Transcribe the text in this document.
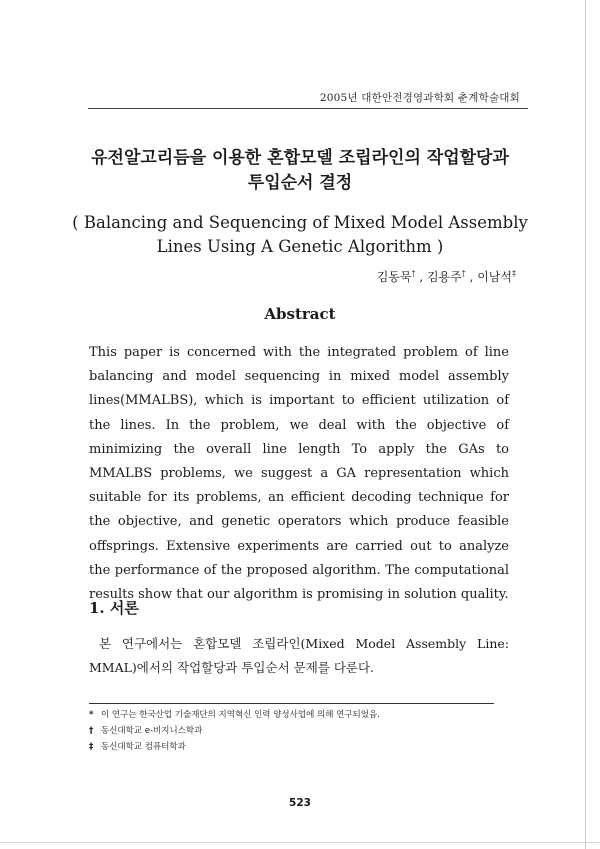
2005년 대한안전경영과학회 춘계학술대회
유전알고리듬을 이용한 혼합모델 조립라인의 작업할당과
투입순서 결정
( Balancing and Sequencing of Mixed Model Assembly
Lines Using A Genetic Algorithm )
김동묵† , 김용주† , 이남석‡
Abstract
This paper is concerned with the integrated problem of line balancing and model sequencing in mixed model assembly lines(MMALBS), which is important to efficient utilization of the lines. In the problem, we deal with the objective of minimizing the overall line length To apply the GAs to MMALBS problems, we suggest a GA representation which suitable for its problems, an efficient decoding technique for the objective, and genetic operators which produce feasible offsprings. Extensive experiments are carried out to analyze the performance of the proposed algorithm. The computational results show that our algorithm is promising in solution quality.
1. 서론
본 연구에서는 혼합모델 조립라인(Mixed Model Assembly Line: MMAL)에서의 작업할당과 투입순서 문제를 다룬다.
* 이 연구는 한국산업 기술재단의 지역혁신 인력 양성사업에 의해 연구되었음.
† 동신대학교 e-비지니스학과
‡ 동신대학교 컴퓨터학과
523
